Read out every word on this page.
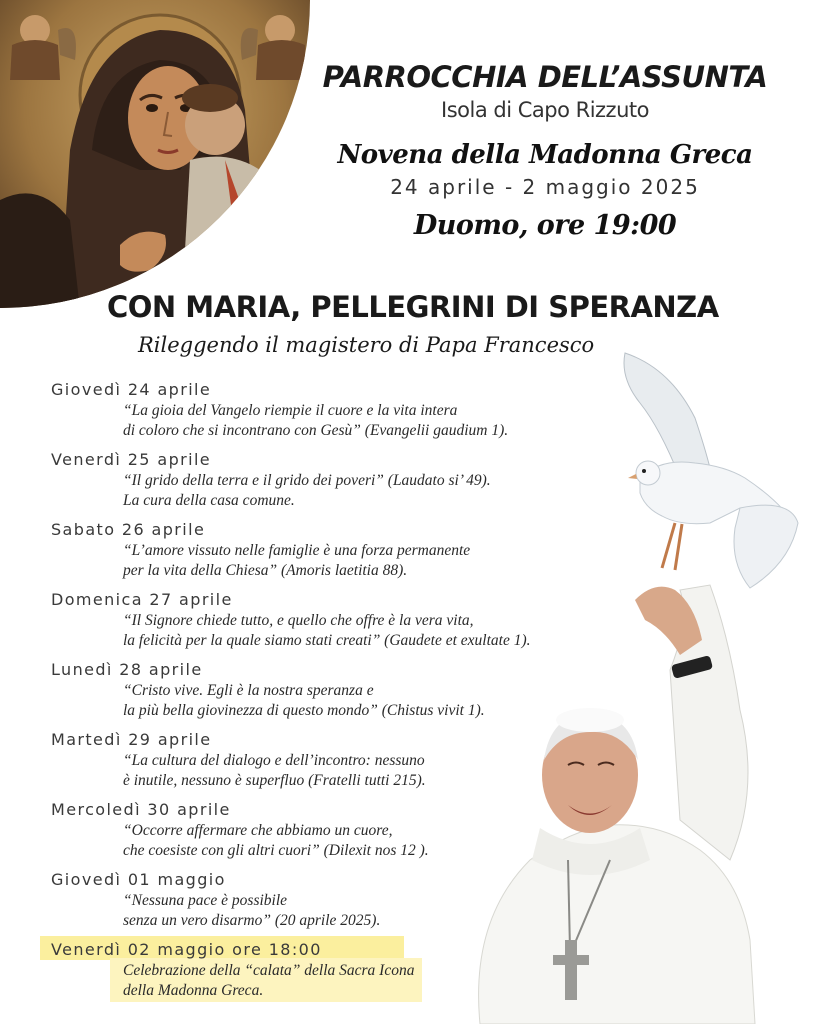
PARROCCHIA DELL’ASSUNTA
Isola di Capo Rizzuto
Novena della Madonna Greca
24 aprile - 2 maggio 2025
Duomo, ore 19:00
CON MARIA, PELLEGRINI DI SPERANZA
Rileggendo il magistero di Papa Francesco
Giovedì 24 aprile
“La gioia del Vangelo riempie il cuore e la vita intera
di coloro che si incontrano con Gesù” (Evangelii gaudium 1).
Venerdì 25 aprile
“Il grido della terra e il grido dei poveri” (Laudato si’ 49).
La cura della casa comune.
Sabato 26 aprile
“L’amore vissuto nelle famiglie è una forza permanente
per la vita della Chiesa” (Amoris laetitia 88).
Domenica 27 aprile
“Il Signore chiede tutto, e quello che offre è la vera vita,
la felicità per la quale siamo stati creati” (Gaudete et exultate 1).
Lunedì 28 aprile
“Cristo vive. Egli è la nostra speranza e
la più bella giovinezza di questo mondo” (Chistus vivit 1).
Martedì 29 aprile
“La cultura del dialogo e dell’incontro: nessuno
è inutile, nessuno è superfluo (Fratelli tutti 215).
Mercoledì 30 aprile
“Occorre affermare che abbiamo un cuore,
che coesiste con gli altri cuori” (Dilexit nos 12 ).
Giovedì 01 maggio
“Nessuna pace è possibile
senza un vero disarmo” (20 aprile 2025).
Venerdì 02 maggio ore 18:00
Celebrazione della “calata” della Sacra Icona
della Madonna Greca.
